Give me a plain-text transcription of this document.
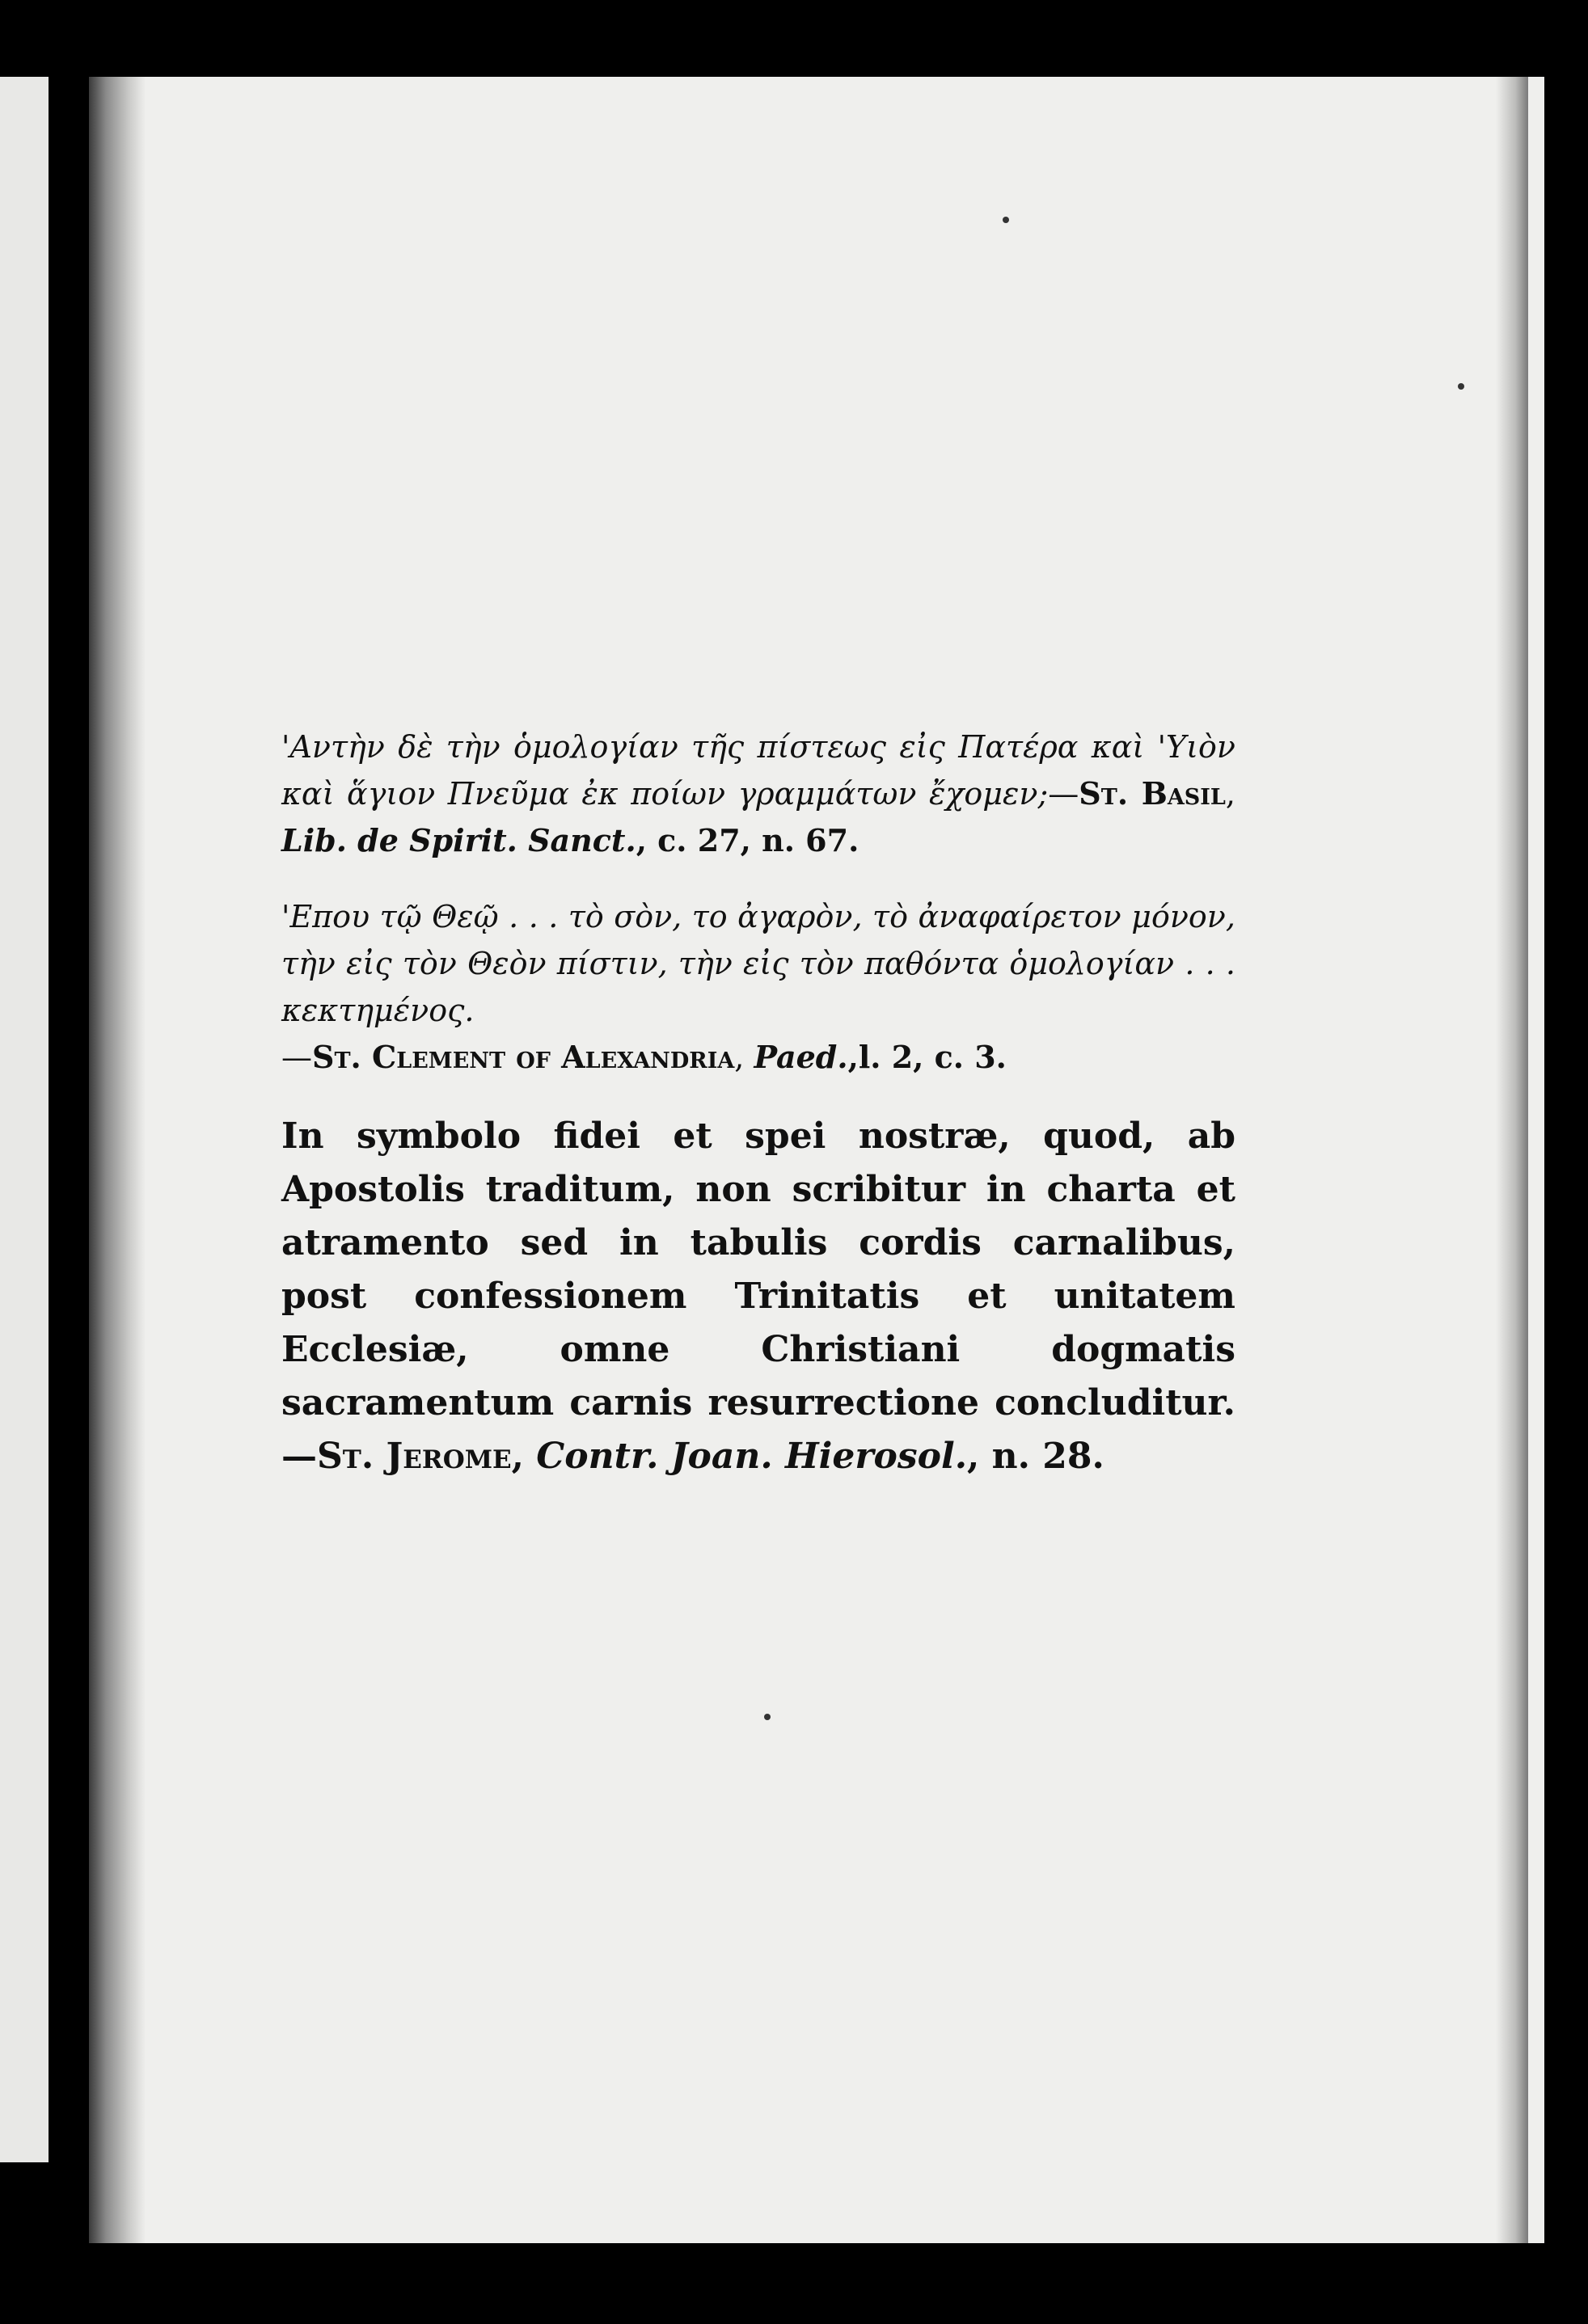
'Αντὴν δὲ τὴν ὁμολογίαν τῆς πίστεως εἰς Πατέρα καὶ 'Υιὸν καὶ ἅγιον Πνεῦμα ἐκ ποίων γραμμάτων ἔχομεν;—St. Basil, Lib. de Spirit. Sanct., c. 27, n. 67.

'Επου τῷ Θεῷ . . . τὸ σὸν, το ἀγαρὸν, τὸ ἀναφαίρετον μόνον, τὴν εἰς τὸν Θεὸν πίστιν, τὴν εἰς τὸν παθόντα ὁμολογίαν . . . κεκτημένος.
—St. Clement of Alexandria, Paed.,l. 2, c. 3.

In symbolo fidei et spei nostræ, quod, ab Apostolis traditum, non scribitur in charta et atramento sed in tabulis cordis carnalibus, post confessionem Trinitatis et unitatem Ecclesiæ, omne Christiani dogmatis sacramentum carnis resurrectione concluditur.—St. Jerome, Contr. Joan. Hierosol., n. 28.
